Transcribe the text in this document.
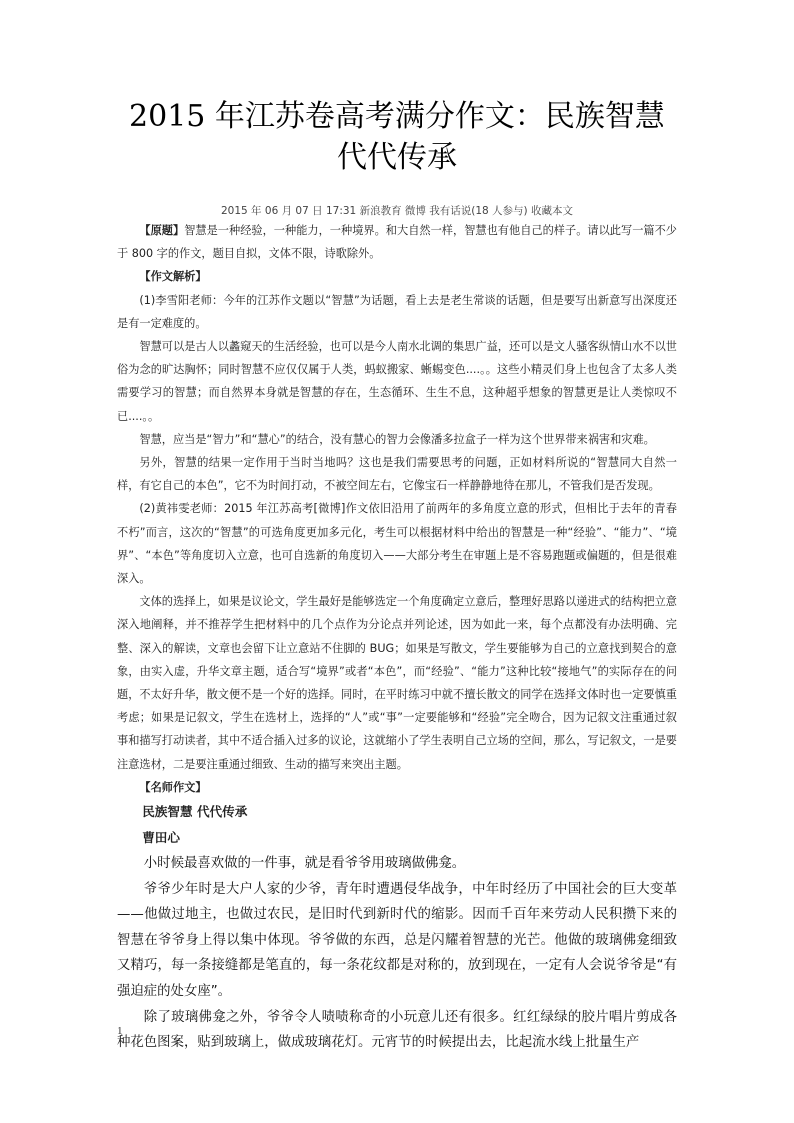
2015 年江苏卷高考满分作文：民族智慧
代代传承
2015 年 06 月 07 日 17:31 新浪教育 微博 我有话说(18 人参与) 收藏本文

【原题】智慧是一种经验，一种能力，一种境界。和大自然一样，智慧也有他自己的样子。请以此写一篇不少于 800 字的作文，题目自拟，文体不限，诗歌除外。

【作文解析】

(1)李雪阳老师：今年的江苏作文题以“智慧”为话题，看上去是老生常谈的话题，但是要写出新意写出深度还是有一定难度的。

智慧可以是古人以蠡窥天的生活经验，也可以是今人南水北调的集思广益，还可以是文人骚客纵情山水不以世俗为念的旷达胸怀；同时智慧不应仅仅属于人类，蚂蚁搬家、蜥蜴变色....。。这些小精灵们身上也包含了太多人类需要学习的智慧；而自然界本身就是智慧的存在，生态循环、生生不息，这种超乎想象的智慧更是让人类惊叹不已....。。

智慧，应当是“智力”和“慧心”的结合，没有慧心的智力会像潘多拉盒子一样为这个世界带来祸害和灾难。

另外，智慧的结果一定作用于当时当地吗？这也是我们需要思考的问题，正如材料所说的“智慧同大自然一样，有它自己的本色”，它不为时间打动，不被空间左右，它像宝石一样静静地待在那儿，不管我们是否发现。

(2)黄祎雯老师：2015 年江苏高考[微博]作文依旧沿用了前两年的多角度立意的形式，但相比于去年的青春不朽”而言，这次的“智慧”的可选角度更加多元化，考生可以根据材料中给出的智慧是一种“经验”、“能力”、“境界”、“本色”等角度切入立意，也可自选新的角度切入——大部分考生在审题上是不容易跑题或偏题的，但是很难深入。

文体的选择上，如果是议论文，学生最好是能够选定一个角度确定立意后，整理好思路以递进式的结构把立意深入地阐释，并不推荐学生把材料中的几个点作为分论点并列论述，因为如此一来，每个点都没有办法明确、完整、深入的解读，文章也会留下让立意站不住脚的 BUG；如果是写散文，学生要能够为自己的立意找到契合的意象，由实入虚，升华文章主题，适合写“境界”或者“本色”，而“经验”、“能力”这种比较“接地气”的实际存在的问题，不太好升华，散文便不是一个好的选择。同时，在平时练习中就不擅长散文的同学在选择文体时也一定要慎重考虑；如果是记叙文，学生在选材上，选择的“人”或“事”一定要能够和“经验”完全吻合，因为记叙文注重通过叙事和描写打动读者，其中不适合插入过多的议论，这就缩小了学生表明自己立场的空间，那么，写记叙文，一是要注意选材，二是要注重通过细致、生动的描写来突出主题。

【名师作文】

民族智慧 代代传承

曹田心

小时候最喜欢做的一件事，就是看爷爷用玻璃做佛龛。

爷爷少年时是大户人家的少爷，青年时遭遇侵华战争，中年时经历了中国社会的巨大变革——他做过地主，也做过农民，是旧时代到新时代的缩影。因而千百年来劳动人民积攒下来的智慧在爷爷身上得以集中体现。爷爷做的东西，总是闪耀着智慧的光芒。他做的玻璃佛龛细致又精巧，每一条接缝都是笔直的，每一条花纹都是对称的，放到现在，一定有人会说爷爷是“有强迫症的处女座”。

除了玻璃佛龛之外，爷爷令人啧啧称奇的小玩意儿还有很多。红红绿绿的胶片唱片剪成各种花色图案，贴到玻璃上，做成玻璃花灯。元宵节的时候提出去，比起流水线上批量生产

1
